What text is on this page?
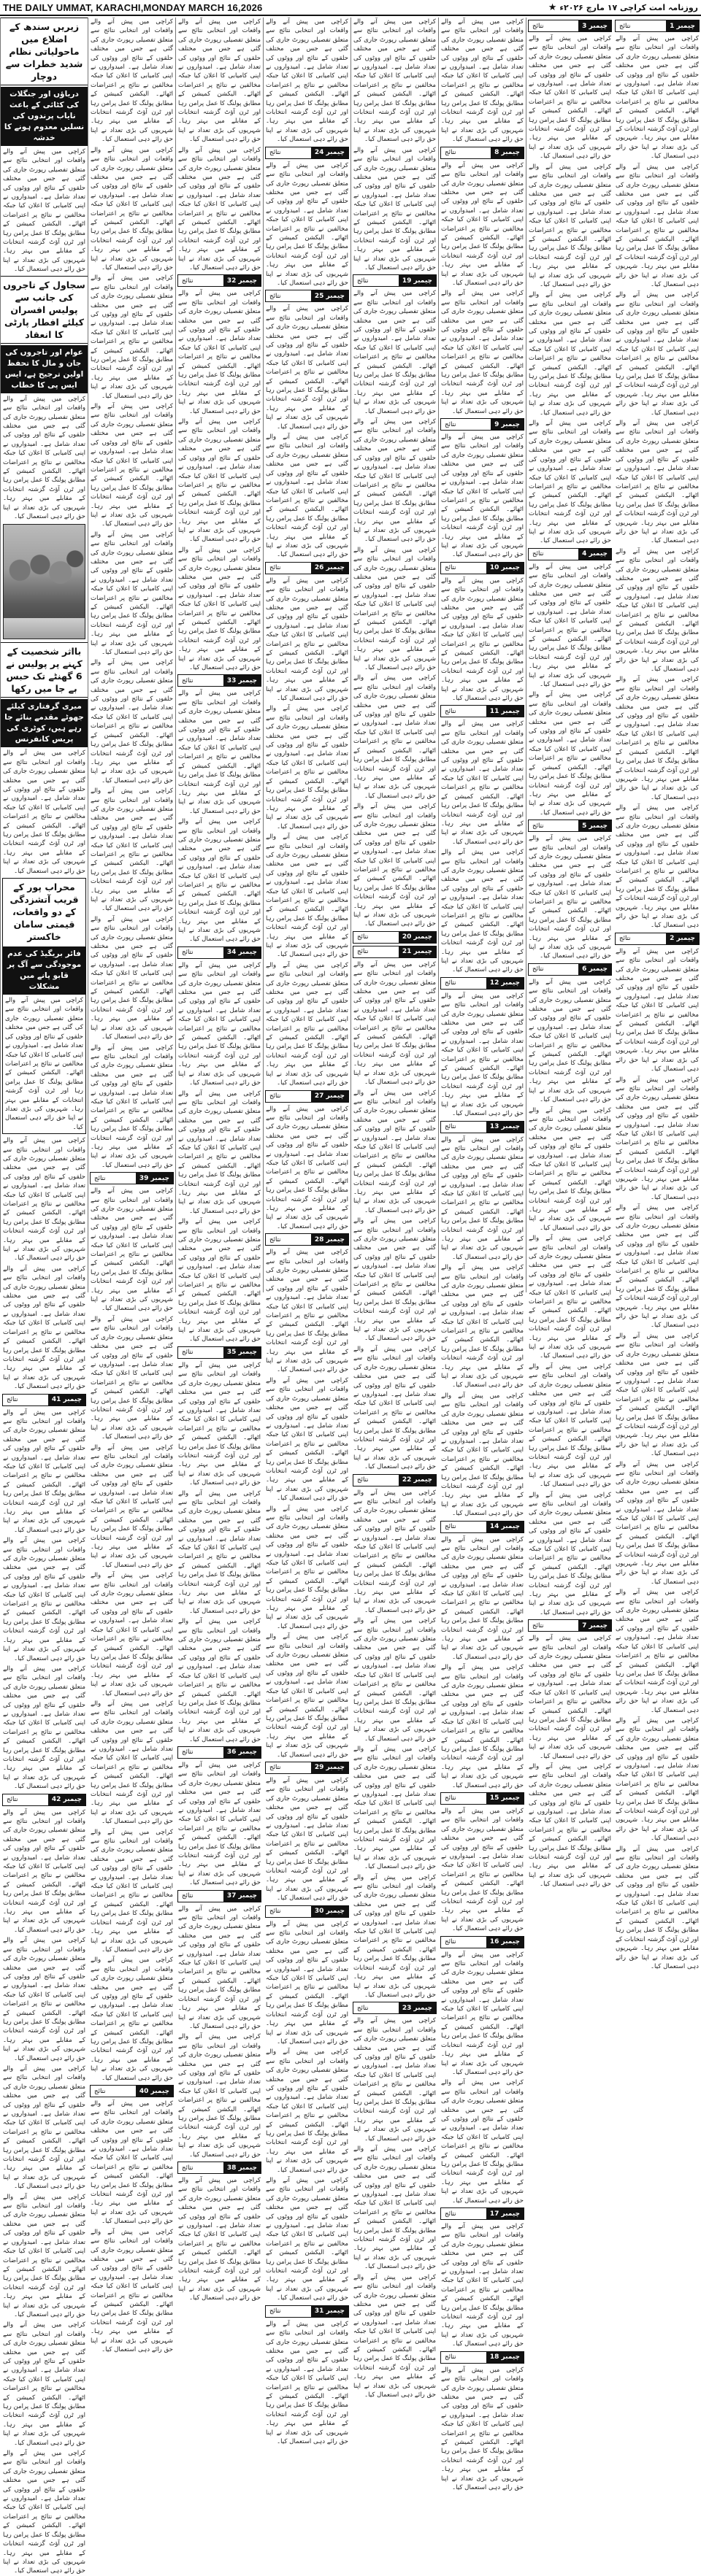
THE DAILY UMMAT, KARACHI,MONDAY MARCH 16,2026	روزنامہ امت کراچی ۱۷ مارچ ۲۰۲۶ء
★
چیمبر 1
نتائج

کراچی میں پیش آنے والے واقعات اور انتخابی نتائج سے متعلق تفصیلی رپورٹ جاری کی گئی ہے جس میں مختلف حلقوں کے نتائج اور ووٹوں کی تعداد شامل ہے۔ امیدواروں نے اپنی کامیابی کا اعلان کیا جبکہ مخالفین نے نتائج پر اعتراضات اٹھائے۔ الیکشن کمیشن کے مطابق پولنگ کا عمل پرامن رہا اور ٹرن آؤٹ گزشتہ انتخابات کے مقابلے میں بہتر رہا۔ شہریوں کی بڑی تعداد نے اپنا حق رائے دہی استعمال کیا۔

کراچی میں پیش آنے والے واقعات اور انتخابی نتائج سے متعلق تفصیلی رپورٹ جاری کی گئی ہے جس میں مختلف حلقوں کے نتائج اور ووٹوں کی تعداد شامل ہے۔ امیدواروں نے اپنی کامیابی کا اعلان کیا جبکہ مخالفین نے نتائج پر اعتراضات اٹھائے۔ الیکشن کمیشن کے مطابق پولنگ کا عمل پرامن رہا اور ٹرن آؤٹ گزشتہ انتخابات کے مقابلے میں بہتر رہا۔ شہریوں کی بڑی تعداد نے اپنا حق رائے دہی استعمال کیا۔

کراچی میں پیش آنے والے واقعات اور انتخابی نتائج سے متعلق تفصیلی رپورٹ جاری کی گئی ہے جس میں مختلف حلقوں کے نتائج اور ووٹوں کی تعداد شامل ہے۔ امیدواروں نے اپنی کامیابی کا اعلان کیا جبکہ مخالفین نے نتائج پر اعتراضات اٹھائے۔ الیکشن کمیشن کے مطابق پولنگ کا عمل پرامن رہا اور ٹرن آؤٹ گزشتہ انتخابات کے مقابلے میں بہتر رہا۔ شہریوں کی بڑی تعداد نے اپنا حق رائے دہی استعمال کیا۔

کراچی میں پیش آنے والے واقعات اور انتخابی نتائج سے متعلق تفصیلی رپورٹ جاری کی گئی ہے جس میں مختلف حلقوں کے نتائج اور ووٹوں کی تعداد شامل ہے۔ امیدواروں نے اپنی کامیابی کا اعلان کیا جبکہ مخالفین نے نتائج پر اعتراضات اٹھائے۔ الیکشن کمیشن کے مطابق پولنگ کا عمل پرامن رہا اور ٹرن آؤٹ گزشتہ انتخابات کے مقابلے میں بہتر رہا۔ شہریوں کی بڑی تعداد نے اپنا حق رائے دہی استعمال کیا۔

کراچی میں پیش آنے والے واقعات اور انتخابی نتائج سے متعلق تفصیلی رپورٹ جاری کی گئی ہے جس میں مختلف حلقوں کے نتائج اور ووٹوں کی تعداد شامل ہے۔ امیدواروں نے اپنی کامیابی کا اعلان کیا جبکہ مخالفین نے نتائج پر اعتراضات اٹھائے۔ الیکشن کمیشن کے مطابق پولنگ کا عمل پرامن رہا اور ٹرن آؤٹ گزشتہ انتخابات کے مقابلے میں بہتر رہا۔ شہریوں کی بڑی تعداد نے اپنا حق رائے دہی استعمال کیا۔

کراچی میں پیش آنے والے واقعات اور انتخابی نتائج سے متعلق تفصیلی رپورٹ جاری کی گئی ہے جس میں مختلف حلقوں کے نتائج اور ووٹوں کی تعداد شامل ہے۔ امیدواروں نے اپنی کامیابی کا اعلان کیا جبکہ مخالفین نے نتائج پر اعتراضات اٹھائے۔ الیکشن کمیشن کے مطابق پولنگ کا عمل پرامن رہا اور ٹرن آؤٹ گزشتہ انتخابات کے مقابلے میں بہتر رہا۔ شہریوں کی بڑی تعداد نے اپنا حق رائے دہی استعمال کیا۔

کراچی میں پیش آنے والے واقعات اور انتخابی نتائج سے متعلق تفصیلی رپورٹ جاری کی گئی ہے جس میں مختلف حلقوں کے نتائج اور ووٹوں کی تعداد شامل ہے۔ امیدواروں نے اپنی کامیابی کا اعلان کیا جبکہ مخالفین نے نتائج پر اعتراضات اٹھائے۔ الیکشن کمیشن کے مطابق پولنگ کا عمل پرامن رہا اور ٹرن آؤٹ گزشتہ انتخابات کے مقابلے میں بہتر رہا۔ شہریوں کی بڑی تعداد نے اپنا حق رائے دہی استعمال کیا۔

چیمبر 2
نتائج

کراچی میں پیش آنے والے واقعات اور انتخابی نتائج سے متعلق تفصیلی رپورٹ جاری کی گئی ہے جس میں مختلف حلقوں کے نتائج اور ووٹوں کی تعداد شامل ہے۔ امیدواروں نے اپنی کامیابی کا اعلان کیا جبکہ مخالفین نے نتائج پر اعتراضات اٹھائے۔ الیکشن کمیشن کے مطابق پولنگ کا عمل پرامن رہا اور ٹرن آؤٹ گزشتہ انتخابات کے مقابلے میں بہتر رہا۔ شہریوں کی بڑی تعداد نے اپنا حق رائے دہی استعمال کیا۔

کراچی میں پیش آنے والے واقعات اور انتخابی نتائج سے متعلق تفصیلی رپورٹ جاری کی گئی ہے جس میں مختلف حلقوں کے نتائج اور ووٹوں کی تعداد شامل ہے۔ امیدواروں نے اپنی کامیابی کا اعلان کیا جبکہ مخالفین نے نتائج پر اعتراضات اٹھائے۔ الیکشن کمیشن کے مطابق پولنگ کا عمل پرامن رہا اور ٹرن آؤٹ گزشتہ انتخابات کے مقابلے میں بہتر رہا۔ شہریوں کی بڑی تعداد نے اپنا حق رائے دہی استعمال کیا۔

کراچی میں پیش آنے والے واقعات اور انتخابی نتائج سے متعلق تفصیلی رپورٹ جاری کی گئی ہے جس میں مختلف حلقوں کے نتائج اور ووٹوں کی تعداد شامل ہے۔ امیدواروں نے اپنی کامیابی کا اعلان کیا جبکہ مخالفین نے نتائج پر اعتراضات اٹھائے۔ الیکشن کمیشن کے مطابق پولنگ کا عمل پرامن رہا اور ٹرن آؤٹ گزشتہ انتخابات کے مقابلے میں بہتر رہا۔ شہریوں کی بڑی تعداد نے اپنا حق رائے دہی استعمال کیا۔

کراچی میں پیش آنے والے واقعات اور انتخابی نتائج سے متعلق تفصیلی رپورٹ جاری کی گئی ہے جس میں مختلف حلقوں کے نتائج اور ووٹوں کی تعداد شامل ہے۔ امیدواروں نے اپنی کامیابی کا اعلان کیا جبکہ مخالفین نے نتائج پر اعتراضات اٹھائے۔ الیکشن کمیشن کے مطابق پولنگ کا عمل پرامن رہا اور ٹرن آؤٹ گزشتہ انتخابات کے مقابلے میں بہتر رہا۔ شہریوں کی بڑی تعداد نے اپنا حق رائے دہی استعمال کیا۔

کراچی میں پیش آنے والے واقعات اور انتخابی نتائج سے متعلق تفصیلی رپورٹ جاری کی گئی ہے جس میں مختلف حلقوں کے نتائج اور ووٹوں کی تعداد شامل ہے۔ امیدواروں نے اپنی کامیابی کا اعلان کیا جبکہ مخالفین نے نتائج پر اعتراضات اٹھائے۔ الیکشن کمیشن کے مطابق پولنگ کا عمل پرامن رہا اور ٹرن آؤٹ گزشتہ انتخابات کے مقابلے میں بہتر رہا۔ شہریوں کی بڑی تعداد نے اپنا حق رائے دہی استعمال کیا۔

کراچی میں پیش آنے والے واقعات اور انتخابی نتائج سے متعلق تفصیلی رپورٹ جاری کی گئی ہے جس میں مختلف حلقوں کے نتائج اور ووٹوں کی تعداد شامل ہے۔ امیدواروں نے اپنی کامیابی کا اعلان کیا جبکہ مخالفین نے نتائج پر اعتراضات اٹھائے۔ الیکشن کمیشن کے مطابق پولنگ کا عمل پرامن رہا اور ٹرن آؤٹ گزشتہ انتخابات کے مقابلے میں بہتر رہا۔ شہریوں کی بڑی تعداد نے اپنا حق رائے دہی استعمال کیا۔

کراچی میں پیش آنے والے واقعات اور انتخابی نتائج سے متعلق تفصیلی رپورٹ جاری کی گئی ہے جس میں مختلف حلقوں کے نتائج اور ووٹوں کی تعداد شامل ہے۔ امیدواروں نے اپنی کامیابی کا اعلان کیا جبکہ مخالفین نے نتائج پر اعتراضات اٹھائے۔ الیکشن کمیشن کے مطابق پولنگ کا عمل پرامن رہا اور ٹرن آؤٹ گزشتہ انتخابات کے مقابلے میں بہتر رہا۔ شہریوں کی بڑی تعداد نے اپنا حق رائے دہی استعمال کیا۔

کراچی میں پیش آنے والے واقعات اور انتخابی نتائج سے متعلق تفصیلی رپورٹ جاری کی گئی ہے جس میں مختلف حلقوں کے نتائج اور ووٹوں کی تعداد شامل ہے۔ امیدواروں نے اپنی کامیابی کا اعلان کیا جبکہ مخالفین نے نتائج پر اعتراضات اٹھائے۔ الیکشن کمیشن کے مطابق پولنگ کا عمل پرامن رہا اور ٹرن آؤٹ گزشتہ انتخابات کے مقابلے میں بہتر رہا۔ شہریوں کی بڑی تعداد نے اپنا حق رائے دہی استعمال کیا۔

چیمبر 3
نتائج

کراچی میں پیش آنے والے واقعات اور انتخابی نتائج سے متعلق تفصیلی رپورٹ جاری کی گئی ہے جس میں مختلف حلقوں کے نتائج اور ووٹوں کی تعداد شامل ہے۔ امیدواروں نے اپنی کامیابی کا اعلان کیا جبکہ مخالفین نے نتائج پر اعتراضات اٹھائے۔ الیکشن کمیشن کے مطابق پولنگ کا عمل پرامن رہا اور ٹرن آؤٹ گزشتہ انتخابات کے مقابلے میں بہتر رہا۔ شہریوں کی بڑی تعداد نے اپنا حق رائے دہی استعمال کیا۔

کراچی میں پیش آنے والے واقعات اور انتخابی نتائج سے متعلق تفصیلی رپورٹ جاری کی گئی ہے جس میں مختلف حلقوں کے نتائج اور ووٹوں کی تعداد شامل ہے۔ امیدواروں نے اپنی کامیابی کا اعلان کیا جبکہ مخالفین نے نتائج پر اعتراضات اٹھائے۔ الیکشن کمیشن کے مطابق پولنگ کا عمل پرامن رہا اور ٹرن آؤٹ گزشتہ انتخابات کے مقابلے میں بہتر رہا۔ شہریوں کی بڑی تعداد نے اپنا حق رائے دہی استعمال کیا۔

کراچی میں پیش آنے والے واقعات اور انتخابی نتائج سے متعلق تفصیلی رپورٹ جاری کی گئی ہے جس میں مختلف حلقوں کے نتائج اور ووٹوں کی تعداد شامل ہے۔ امیدواروں نے اپنی کامیابی کا اعلان کیا جبکہ مخالفین نے نتائج پر اعتراضات اٹھائے۔ الیکشن کمیشن کے مطابق پولنگ کا عمل پرامن رہا اور ٹرن آؤٹ گزشتہ انتخابات کے مقابلے میں بہتر رہا۔ شہریوں کی بڑی تعداد نے اپنا حق رائے دہی استعمال کیا۔

کراچی میں پیش آنے والے واقعات اور انتخابی نتائج سے متعلق تفصیلی رپورٹ جاری کی گئی ہے جس میں مختلف حلقوں کے نتائج اور ووٹوں کی تعداد شامل ہے۔ امیدواروں نے اپنی کامیابی کا اعلان کیا جبکہ مخالفین نے نتائج پر اعتراضات اٹھائے۔ الیکشن کمیشن کے مطابق پولنگ کا عمل پرامن رہا اور ٹرن آؤٹ گزشتہ انتخابات کے مقابلے میں بہتر رہا۔ شہریوں کی بڑی تعداد نے اپنا حق رائے دہی استعمال کیا۔

چیمبر 4
نتائج

کراچی میں پیش آنے والے واقعات اور انتخابی نتائج سے متعلق تفصیلی رپورٹ جاری کی گئی ہے جس میں مختلف حلقوں کے نتائج اور ووٹوں کی تعداد شامل ہے۔ امیدواروں نے اپنی کامیابی کا اعلان کیا جبکہ مخالفین نے نتائج پر اعتراضات اٹھائے۔ الیکشن کمیشن کے مطابق پولنگ کا عمل پرامن رہا اور ٹرن آؤٹ گزشتہ انتخابات کے مقابلے میں بہتر رہا۔ شہریوں کی بڑی تعداد نے اپنا حق رائے دہی استعمال کیا۔

کراچی میں پیش آنے والے واقعات اور انتخابی نتائج سے متعلق تفصیلی رپورٹ جاری کی گئی ہے جس میں مختلف حلقوں کے نتائج اور ووٹوں کی تعداد شامل ہے۔ امیدواروں نے اپنی کامیابی کا اعلان کیا جبکہ مخالفین نے نتائج پر اعتراضات اٹھائے۔ الیکشن کمیشن کے مطابق پولنگ کا عمل پرامن رہا اور ٹرن آؤٹ گزشتہ انتخابات کے مقابلے میں بہتر رہا۔ شہریوں کی بڑی تعداد نے اپنا حق رائے دہی استعمال کیا۔

چیمبر 5
نتائج

کراچی میں پیش آنے والے واقعات اور انتخابی نتائج سے متعلق تفصیلی رپورٹ جاری کی گئی ہے جس میں مختلف حلقوں کے نتائج اور ووٹوں کی تعداد شامل ہے۔ امیدواروں نے اپنی کامیابی کا اعلان کیا جبکہ مخالفین نے نتائج پر اعتراضات اٹھائے۔ الیکشن کمیشن کے مطابق پولنگ کا عمل پرامن رہا اور ٹرن آؤٹ گزشتہ انتخابات کے مقابلے میں بہتر رہا۔ شہریوں کی بڑی تعداد نے اپنا حق رائے دہی استعمال کیا۔

چیمبر 6
نتائج

کراچی میں پیش آنے والے واقعات اور انتخابی نتائج سے متعلق تفصیلی رپورٹ جاری کی گئی ہے جس میں مختلف حلقوں کے نتائج اور ووٹوں کی تعداد شامل ہے۔ امیدواروں نے اپنی کامیابی کا اعلان کیا جبکہ مخالفین نے نتائج پر اعتراضات اٹھائے۔ الیکشن کمیشن کے مطابق پولنگ کا عمل پرامن رہا اور ٹرن آؤٹ گزشتہ انتخابات کے مقابلے میں بہتر رہا۔ شہریوں کی بڑی تعداد نے اپنا حق رائے دہی استعمال کیا۔

کراچی میں پیش آنے والے واقعات اور انتخابی نتائج سے متعلق تفصیلی رپورٹ جاری کی گئی ہے جس میں مختلف حلقوں کے نتائج اور ووٹوں کی تعداد شامل ہے۔ امیدواروں نے اپنی کامیابی کا اعلان کیا جبکہ مخالفین نے نتائج پر اعتراضات اٹھائے۔ الیکشن کمیشن کے مطابق پولنگ کا عمل پرامن رہا اور ٹرن آؤٹ گزشتہ انتخابات کے مقابلے میں بہتر رہا۔ شہریوں کی بڑی تعداد نے اپنا حق رائے دہی استعمال کیا۔

کراچی میں پیش آنے والے واقعات اور انتخابی نتائج سے متعلق تفصیلی رپورٹ جاری کی گئی ہے جس میں مختلف حلقوں کے نتائج اور ووٹوں کی تعداد شامل ہے۔ امیدواروں نے اپنی کامیابی کا اعلان کیا جبکہ مخالفین نے نتائج پر اعتراضات اٹھائے۔ الیکشن کمیشن کے مطابق پولنگ کا عمل پرامن رہا اور ٹرن آؤٹ گزشتہ انتخابات کے مقابلے میں بہتر رہا۔ شہریوں کی بڑی تعداد نے اپنا حق رائے دہی استعمال کیا۔

کراچی میں پیش آنے والے واقعات اور انتخابی نتائج سے متعلق تفصیلی رپورٹ جاری کی گئی ہے جس میں مختلف حلقوں کے نتائج اور ووٹوں کی تعداد شامل ہے۔ امیدواروں نے اپنی کامیابی کا اعلان کیا جبکہ مخالفین نے نتائج پر اعتراضات اٹھائے۔ الیکشن کمیشن کے مطابق پولنگ کا عمل پرامن رہا اور ٹرن آؤٹ گزشتہ انتخابات کے مقابلے میں بہتر رہا۔ شہریوں کی بڑی تعداد نے اپنا حق رائے دہی استعمال کیا۔

کراچی میں پیش آنے والے واقعات اور انتخابی نتائج سے متعلق تفصیلی رپورٹ جاری کی گئی ہے جس میں مختلف حلقوں کے نتائج اور ووٹوں کی تعداد شامل ہے۔ امیدواروں نے اپنی کامیابی کا اعلان کیا جبکہ مخالفین نے نتائج پر اعتراضات اٹھائے۔ الیکشن کمیشن کے مطابق پولنگ کا عمل پرامن رہا اور ٹرن آؤٹ گزشتہ انتخابات کے مقابلے میں بہتر رہا۔ شہریوں کی بڑی تعداد نے اپنا حق رائے دہی استعمال کیا۔

چیمبر 7
نتائج

کراچی میں پیش آنے والے واقعات اور انتخابی نتائج سے متعلق تفصیلی رپورٹ جاری کی گئی ہے جس میں مختلف حلقوں کے نتائج اور ووٹوں کی تعداد شامل ہے۔ امیدواروں نے اپنی کامیابی کا اعلان کیا جبکہ مخالفین نے نتائج پر اعتراضات اٹھائے۔ الیکشن کمیشن کے مطابق پولنگ کا عمل پرامن رہا اور ٹرن آؤٹ گزشتہ انتخابات کے مقابلے میں بہتر رہا۔ شہریوں کی بڑی تعداد نے اپنا حق رائے دہی استعمال کیا۔

کراچی میں پیش آنے والے واقعات اور انتخابی نتائج سے متعلق تفصیلی رپورٹ جاری کی گئی ہے جس میں مختلف حلقوں کے نتائج اور ووٹوں کی تعداد شامل ہے۔ امیدواروں نے اپنی کامیابی کا اعلان کیا جبکہ مخالفین نے نتائج پر اعتراضات اٹھائے۔ الیکشن کمیشن کے مطابق پولنگ کا عمل پرامن رہا اور ٹرن آؤٹ گزشتہ انتخابات کے مقابلے میں بہتر رہا۔ شہریوں کی بڑی تعداد نے اپنا حق رائے دہی استعمال کیا۔

کراچی میں پیش آنے والے واقعات اور انتخابی نتائج سے متعلق تفصیلی رپورٹ جاری کی گئی ہے جس میں مختلف حلقوں کے نتائج اور ووٹوں کی تعداد شامل ہے۔ امیدواروں نے اپنی کامیابی کا اعلان کیا جبکہ مخالفین نے نتائج پر اعتراضات اٹھائے۔ الیکشن کمیشن کے مطابق پولنگ کا عمل پرامن رہا اور ٹرن آؤٹ گزشتہ انتخابات کے مقابلے میں بہتر رہا۔ شہریوں کی بڑی تعداد نے اپنا حق رائے دہی استعمال کیا۔

چیمبر 8
نتائج

کراچی میں پیش آنے والے واقعات اور انتخابی نتائج سے متعلق تفصیلی رپورٹ جاری کی گئی ہے جس میں مختلف حلقوں کے نتائج اور ووٹوں کی تعداد شامل ہے۔ امیدواروں نے اپنی کامیابی کا اعلان کیا جبکہ مخالفین نے نتائج پر اعتراضات اٹھائے۔ الیکشن کمیشن کے مطابق پولنگ کا عمل پرامن رہا اور ٹرن آؤٹ گزشتہ انتخابات کے مقابلے میں بہتر رہا۔ شہریوں کی بڑی تعداد نے اپنا حق رائے دہی استعمال کیا۔

کراچی میں پیش آنے والے واقعات اور انتخابی نتائج سے متعلق تفصیلی رپورٹ جاری کی گئی ہے جس میں مختلف حلقوں کے نتائج اور ووٹوں کی تعداد شامل ہے۔ امیدواروں نے اپنی کامیابی کا اعلان کیا جبکہ مخالفین نے نتائج پر اعتراضات اٹھائے۔ الیکشن کمیشن کے مطابق پولنگ کا عمل پرامن رہا اور ٹرن آؤٹ گزشتہ انتخابات کے مقابلے میں بہتر رہا۔ شہریوں کی بڑی تعداد نے اپنا حق رائے دہی استعمال کیا۔

چیمبر 9
نتائج

کراچی میں پیش آنے والے واقعات اور انتخابی نتائج سے متعلق تفصیلی رپورٹ جاری کی گئی ہے جس میں مختلف حلقوں کے نتائج اور ووٹوں کی تعداد شامل ہے۔ امیدواروں نے اپنی کامیابی کا اعلان کیا جبکہ مخالفین نے نتائج پر اعتراضات اٹھائے۔ الیکشن کمیشن کے مطابق پولنگ کا عمل پرامن رہا اور ٹرن آؤٹ گزشتہ انتخابات کے مقابلے میں بہتر رہا۔ شہریوں کی بڑی تعداد نے اپنا حق رائے دہی استعمال کیا۔

چیمبر 10
نتائج

کراچی میں پیش آنے والے واقعات اور انتخابی نتائج سے متعلق تفصیلی رپورٹ جاری کی گئی ہے جس میں مختلف حلقوں کے نتائج اور ووٹوں کی تعداد شامل ہے۔ امیدواروں نے اپنی کامیابی کا اعلان کیا جبکہ مخالفین نے نتائج پر اعتراضات اٹھائے۔ الیکشن کمیشن کے مطابق پولنگ کا عمل پرامن رہا اور ٹرن آؤٹ گزشتہ انتخابات کے مقابلے میں بہتر رہا۔ شہریوں کی بڑی تعداد نے اپنا حق رائے دہی استعمال کیا۔

چیمبر 11
نتائج

کراچی میں پیش آنے والے واقعات اور انتخابی نتائج سے متعلق تفصیلی رپورٹ جاری کی گئی ہے جس میں مختلف حلقوں کے نتائج اور ووٹوں کی تعداد شامل ہے۔ امیدواروں نے اپنی کامیابی کا اعلان کیا جبکہ مخالفین نے نتائج پر اعتراضات اٹھائے۔ الیکشن کمیشن کے مطابق پولنگ کا عمل پرامن رہا اور ٹرن آؤٹ گزشتہ انتخابات کے مقابلے میں بہتر رہا۔ شہریوں کی بڑی تعداد نے اپنا حق رائے دہی استعمال کیا۔

کراچی میں پیش آنے والے واقعات اور انتخابی نتائج سے متعلق تفصیلی رپورٹ جاری کی گئی ہے جس میں مختلف حلقوں کے نتائج اور ووٹوں کی تعداد شامل ہے۔ امیدواروں نے اپنی کامیابی کا اعلان کیا جبکہ مخالفین نے نتائج پر اعتراضات اٹھائے۔ الیکشن کمیشن کے مطابق پولنگ کا عمل پرامن رہا اور ٹرن آؤٹ گزشتہ انتخابات کے مقابلے میں بہتر رہا۔ شہریوں کی بڑی تعداد نے اپنا حق رائے دہی استعمال کیا۔

چیمبر 12
نتائج

کراچی میں پیش آنے والے واقعات اور انتخابی نتائج سے متعلق تفصیلی رپورٹ جاری کی گئی ہے جس میں مختلف حلقوں کے نتائج اور ووٹوں کی تعداد شامل ہے۔ امیدواروں نے اپنی کامیابی کا اعلان کیا جبکہ مخالفین نے نتائج پر اعتراضات اٹھائے۔ الیکشن کمیشن کے مطابق پولنگ کا عمل پرامن رہا اور ٹرن آؤٹ گزشتہ انتخابات کے مقابلے میں بہتر رہا۔ شہریوں کی بڑی تعداد نے اپنا حق رائے دہی استعمال کیا۔

چیمبر 13
نتائج

کراچی میں پیش آنے والے واقعات اور انتخابی نتائج سے متعلق تفصیلی رپورٹ جاری کی گئی ہے جس میں مختلف حلقوں کے نتائج اور ووٹوں کی تعداد شامل ہے۔ امیدواروں نے اپنی کامیابی کا اعلان کیا جبکہ مخالفین نے نتائج پر اعتراضات اٹھائے۔ الیکشن کمیشن کے مطابق پولنگ کا عمل پرامن رہا اور ٹرن آؤٹ گزشتہ انتخابات کے مقابلے میں بہتر رہا۔ شہریوں کی بڑی تعداد نے اپنا حق رائے دہی استعمال کیا۔

کراچی میں پیش آنے والے واقعات اور انتخابی نتائج سے متعلق تفصیلی رپورٹ جاری کی گئی ہے جس میں مختلف حلقوں کے نتائج اور ووٹوں کی تعداد شامل ہے۔ امیدواروں نے اپنی کامیابی کا اعلان کیا جبکہ مخالفین نے نتائج پر اعتراضات اٹھائے۔ الیکشن کمیشن کے مطابق پولنگ کا عمل پرامن رہا اور ٹرن آؤٹ گزشتہ انتخابات کے مقابلے میں بہتر رہا۔ شہریوں کی بڑی تعداد نے اپنا حق رائے دہی استعمال کیا۔

کراچی میں پیش آنے والے واقعات اور انتخابی نتائج سے متعلق تفصیلی رپورٹ جاری کی گئی ہے جس میں مختلف حلقوں کے نتائج اور ووٹوں کی تعداد شامل ہے۔ امیدواروں نے اپنی کامیابی کا اعلان کیا جبکہ مخالفین نے نتائج پر اعتراضات اٹھائے۔ الیکشن کمیشن کے مطابق پولنگ کا عمل پرامن رہا اور ٹرن آؤٹ گزشتہ انتخابات کے مقابلے میں بہتر رہا۔ شہریوں کی بڑی تعداد نے اپنا حق رائے دہی استعمال کیا۔

چیمبر 14
نتائج

کراچی میں پیش آنے والے واقعات اور انتخابی نتائج سے متعلق تفصیلی رپورٹ جاری کی گئی ہے جس میں مختلف حلقوں کے نتائج اور ووٹوں کی تعداد شامل ہے۔ امیدواروں نے اپنی کامیابی کا اعلان کیا جبکہ مخالفین نے نتائج پر اعتراضات اٹھائے۔ الیکشن کمیشن کے مطابق پولنگ کا عمل پرامن رہا اور ٹرن آؤٹ گزشتہ انتخابات کے مقابلے میں بہتر رہا۔ شہریوں کی بڑی تعداد نے اپنا حق رائے دہی استعمال کیا۔

کراچی میں پیش آنے والے واقعات اور انتخابی نتائج سے متعلق تفصیلی رپورٹ جاری کی گئی ہے جس میں مختلف حلقوں کے نتائج اور ووٹوں کی تعداد شامل ہے۔ امیدواروں نے اپنی کامیابی کا اعلان کیا جبکہ مخالفین نے نتائج پر اعتراضات اٹھائے۔ الیکشن کمیشن کے مطابق پولنگ کا عمل پرامن رہا اور ٹرن آؤٹ گزشتہ انتخابات کے مقابلے میں بہتر رہا۔ شہریوں کی بڑی تعداد نے اپنا حق رائے دہی استعمال کیا۔

چیمبر 15
نتائج

کراچی میں پیش آنے والے واقعات اور انتخابی نتائج سے متعلق تفصیلی رپورٹ جاری کی گئی ہے جس میں مختلف حلقوں کے نتائج اور ووٹوں کی تعداد شامل ہے۔ امیدواروں نے اپنی کامیابی کا اعلان کیا جبکہ مخالفین نے نتائج پر اعتراضات اٹھائے۔ الیکشن کمیشن کے مطابق پولنگ کا عمل پرامن رہا اور ٹرن آؤٹ گزشتہ انتخابات کے مقابلے میں بہتر رہا۔ شہریوں کی بڑی تعداد نے اپنا حق رائے دہی استعمال کیا۔

چیمبر 16
نتائج

کراچی میں پیش آنے والے واقعات اور انتخابی نتائج سے متعلق تفصیلی رپورٹ جاری کی گئی ہے جس میں مختلف حلقوں کے نتائج اور ووٹوں کی تعداد شامل ہے۔ امیدواروں نے اپنی کامیابی کا اعلان کیا جبکہ مخالفین نے نتائج پر اعتراضات اٹھائے۔ الیکشن کمیشن کے مطابق پولنگ کا عمل پرامن رہا اور ٹرن آؤٹ گزشتہ انتخابات کے مقابلے میں بہتر رہا۔ شہریوں کی بڑی تعداد نے اپنا حق رائے دہی استعمال کیا۔

کراچی میں پیش آنے والے واقعات اور انتخابی نتائج سے متعلق تفصیلی رپورٹ جاری کی گئی ہے جس میں مختلف حلقوں کے نتائج اور ووٹوں کی تعداد شامل ہے۔ امیدواروں نے اپنی کامیابی کا اعلان کیا جبکہ مخالفین نے نتائج پر اعتراضات اٹھائے۔ الیکشن کمیشن کے مطابق پولنگ کا عمل پرامن رہا اور ٹرن آؤٹ گزشتہ انتخابات کے مقابلے میں بہتر رہا۔ شہریوں کی بڑی تعداد نے اپنا حق رائے دہی استعمال کیا۔

چیمبر 17
نتائج

کراچی میں پیش آنے والے واقعات اور انتخابی نتائج سے متعلق تفصیلی رپورٹ جاری کی گئی ہے جس میں مختلف حلقوں کے نتائج اور ووٹوں کی تعداد شامل ہے۔ امیدواروں نے اپنی کامیابی کا اعلان کیا جبکہ مخالفین نے نتائج پر اعتراضات اٹھائے۔ الیکشن کمیشن کے مطابق پولنگ کا عمل پرامن رہا اور ٹرن آؤٹ گزشتہ انتخابات کے مقابلے میں بہتر رہا۔ شہریوں کی بڑی تعداد نے اپنا حق رائے دہی استعمال کیا۔

چیمبر 18
نتائج

کراچی میں پیش آنے والے واقعات اور انتخابی نتائج سے متعلق تفصیلی رپورٹ جاری کی گئی ہے جس میں مختلف حلقوں کے نتائج اور ووٹوں کی تعداد شامل ہے۔ امیدواروں نے اپنی کامیابی کا اعلان کیا جبکہ مخالفین نے نتائج پر اعتراضات اٹھائے۔ الیکشن کمیشن کے مطابق پولنگ کا عمل پرامن رہا اور ٹرن آؤٹ گزشتہ انتخابات کے مقابلے میں بہتر رہا۔ شہریوں کی بڑی تعداد نے اپنا حق رائے دہی استعمال کیا۔

کراچی میں پیش آنے والے واقعات اور انتخابی نتائج سے متعلق تفصیلی رپورٹ جاری کی گئی ہے جس میں مختلف حلقوں کے نتائج اور ووٹوں کی تعداد شامل ہے۔ امیدواروں نے اپنی کامیابی کا اعلان کیا جبکہ مخالفین نے نتائج پر اعتراضات اٹھائے۔ الیکشن کمیشن کے مطابق پولنگ کا عمل پرامن رہا اور ٹرن آؤٹ گزشتہ انتخابات کے مقابلے میں بہتر رہا۔ شہریوں کی بڑی تعداد نے اپنا حق رائے دہی استعمال کیا۔

کراچی میں پیش آنے والے واقعات اور انتخابی نتائج سے متعلق تفصیلی رپورٹ جاری کی گئی ہے جس میں مختلف حلقوں کے نتائج اور ووٹوں کی تعداد شامل ہے۔ امیدواروں نے اپنی کامیابی کا اعلان کیا جبکہ مخالفین نے نتائج پر اعتراضات اٹھائے۔ الیکشن کمیشن کے مطابق پولنگ کا عمل پرامن رہا اور ٹرن آؤٹ گزشتہ انتخابات کے مقابلے میں بہتر رہا۔ شہریوں کی بڑی تعداد نے اپنا حق رائے دہی استعمال کیا۔

چیمبر 19
نتائج

کراچی میں پیش آنے والے واقعات اور انتخابی نتائج سے متعلق تفصیلی رپورٹ جاری کی گئی ہے جس میں مختلف حلقوں کے نتائج اور ووٹوں کی تعداد شامل ہے۔ امیدواروں نے اپنی کامیابی کا اعلان کیا جبکہ مخالفین نے نتائج پر اعتراضات اٹھائے۔ الیکشن کمیشن کے مطابق پولنگ کا عمل پرامن رہا اور ٹرن آؤٹ گزشتہ انتخابات کے مقابلے میں بہتر رہا۔ شہریوں کی بڑی تعداد نے اپنا حق رائے دہی استعمال کیا۔

کراچی میں پیش آنے والے واقعات اور انتخابی نتائج سے متعلق تفصیلی رپورٹ جاری کی گئی ہے جس میں مختلف حلقوں کے نتائج اور ووٹوں کی تعداد شامل ہے۔ امیدواروں نے اپنی کامیابی کا اعلان کیا جبکہ مخالفین نے نتائج پر اعتراضات اٹھائے۔ الیکشن کمیشن کے مطابق پولنگ کا عمل پرامن رہا اور ٹرن آؤٹ گزشتہ انتخابات کے مقابلے میں بہتر رہا۔ شہریوں کی بڑی تعداد نے اپنا حق رائے دہی استعمال کیا۔

کراچی میں پیش آنے والے واقعات اور انتخابی نتائج سے متعلق تفصیلی رپورٹ جاری کی گئی ہے جس میں مختلف حلقوں کے نتائج اور ووٹوں کی تعداد شامل ہے۔ امیدواروں نے اپنی کامیابی کا اعلان کیا جبکہ مخالفین نے نتائج پر اعتراضات اٹھائے۔ الیکشن کمیشن کے مطابق پولنگ کا عمل پرامن رہا اور ٹرن آؤٹ گزشتہ انتخابات کے مقابلے میں بہتر رہا۔ شہریوں کی بڑی تعداد نے اپنا حق رائے دہی استعمال کیا۔

کراچی میں پیش آنے والے واقعات اور انتخابی نتائج سے متعلق تفصیلی رپورٹ جاری کی گئی ہے جس میں مختلف حلقوں کے نتائج اور ووٹوں کی تعداد شامل ہے۔ امیدواروں نے اپنی کامیابی کا اعلان کیا جبکہ مخالفین نے نتائج پر اعتراضات اٹھائے۔ الیکشن کمیشن کے مطابق پولنگ کا عمل پرامن رہا اور ٹرن آؤٹ گزشتہ انتخابات کے مقابلے میں بہتر رہا۔ شہریوں کی بڑی تعداد نے اپنا حق رائے دہی استعمال کیا۔

کراچی میں پیش آنے والے واقعات اور انتخابی نتائج سے متعلق تفصیلی رپورٹ جاری کی گئی ہے جس میں مختلف حلقوں کے نتائج اور ووٹوں کی تعداد شامل ہے۔ امیدواروں نے اپنی کامیابی کا اعلان کیا جبکہ مخالفین نے نتائج پر اعتراضات اٹھائے۔ الیکشن کمیشن کے مطابق پولنگ کا عمل پرامن رہا اور ٹرن آؤٹ گزشتہ انتخابات کے مقابلے میں بہتر رہا۔ شہریوں کی بڑی تعداد نے اپنا حق رائے دہی استعمال کیا۔

چیمبر 20
نتائج
چیمبر 21
نتائج

کراچی میں پیش آنے والے واقعات اور انتخابی نتائج سے متعلق تفصیلی رپورٹ جاری کی گئی ہے جس میں مختلف حلقوں کے نتائج اور ووٹوں کی تعداد شامل ہے۔ امیدواروں نے اپنی کامیابی کا اعلان کیا جبکہ مخالفین نے نتائج پر اعتراضات اٹھائے۔ الیکشن کمیشن کے مطابق پولنگ کا عمل پرامن رہا اور ٹرن آؤٹ گزشتہ انتخابات کے مقابلے میں بہتر رہا۔ شہریوں کی بڑی تعداد نے اپنا حق رائے دہی استعمال کیا۔

کراچی میں پیش آنے والے واقعات اور انتخابی نتائج سے متعلق تفصیلی رپورٹ جاری کی گئی ہے جس میں مختلف حلقوں کے نتائج اور ووٹوں کی تعداد شامل ہے۔ امیدواروں نے اپنی کامیابی کا اعلان کیا جبکہ مخالفین نے نتائج پر اعتراضات اٹھائے۔ الیکشن کمیشن کے مطابق پولنگ کا عمل پرامن رہا اور ٹرن آؤٹ گزشتہ انتخابات کے مقابلے میں بہتر رہا۔ شہریوں کی بڑی تعداد نے اپنا حق رائے دہی استعمال کیا۔

کراچی میں پیش آنے والے واقعات اور انتخابی نتائج سے متعلق تفصیلی رپورٹ جاری کی گئی ہے جس میں مختلف حلقوں کے نتائج اور ووٹوں کی تعداد شامل ہے۔ امیدواروں نے اپنی کامیابی کا اعلان کیا جبکہ مخالفین نے نتائج پر اعتراضات اٹھائے۔ الیکشن کمیشن کے مطابق پولنگ کا عمل پرامن رہا اور ٹرن آؤٹ گزشتہ انتخابات کے مقابلے میں بہتر رہا۔ شہریوں کی بڑی تعداد نے اپنا حق رائے دہی استعمال کیا۔

کراچی میں پیش آنے والے واقعات اور انتخابی نتائج سے متعلق تفصیلی رپورٹ جاری کی گئی ہے جس میں مختلف حلقوں کے نتائج اور ووٹوں کی تعداد شامل ہے۔ امیدواروں نے اپنی کامیابی کا اعلان کیا جبکہ مخالفین نے نتائج پر اعتراضات اٹھائے۔ الیکشن کمیشن کے مطابق پولنگ کا عمل پرامن رہا اور ٹرن آؤٹ گزشتہ انتخابات کے مقابلے میں بہتر رہا۔ شہریوں کی بڑی تعداد نے اپنا حق رائے دہی استعمال کیا۔

چیمبر 22
نتائج

کراچی میں پیش آنے والے واقعات اور انتخابی نتائج سے متعلق تفصیلی رپورٹ جاری کی گئی ہے جس میں مختلف حلقوں کے نتائج اور ووٹوں کی تعداد شامل ہے۔ امیدواروں نے اپنی کامیابی کا اعلان کیا جبکہ مخالفین نے نتائج پر اعتراضات اٹھائے۔ الیکشن کمیشن کے مطابق پولنگ کا عمل پرامن رہا اور ٹرن آؤٹ گزشتہ انتخابات کے مقابلے میں بہتر رہا۔ شہریوں کی بڑی تعداد نے اپنا حق رائے دہی استعمال کیا۔

کراچی میں پیش آنے والے واقعات اور انتخابی نتائج سے متعلق تفصیلی رپورٹ جاری کی گئی ہے جس میں مختلف حلقوں کے نتائج اور ووٹوں کی تعداد شامل ہے۔ امیدواروں نے اپنی کامیابی کا اعلان کیا جبکہ مخالفین نے نتائج پر اعتراضات اٹھائے۔ الیکشن کمیشن کے مطابق پولنگ کا عمل پرامن رہا اور ٹرن آؤٹ گزشتہ انتخابات کے مقابلے میں بہتر رہا۔ شہریوں کی بڑی تعداد نے اپنا حق رائے دہی استعمال کیا۔

کراچی میں پیش آنے والے واقعات اور انتخابی نتائج سے متعلق تفصیلی رپورٹ جاری کی گئی ہے جس میں مختلف حلقوں کے نتائج اور ووٹوں کی تعداد شامل ہے۔ امیدواروں نے اپنی کامیابی کا اعلان کیا جبکہ مخالفین نے نتائج پر اعتراضات اٹھائے۔ الیکشن کمیشن کے مطابق پولنگ کا عمل پرامن رہا اور ٹرن آؤٹ گزشتہ انتخابات کے مقابلے میں بہتر رہا۔ شہریوں کی بڑی تعداد نے اپنا حق رائے دہی استعمال کیا۔

کراچی میں پیش آنے والے واقعات اور انتخابی نتائج سے متعلق تفصیلی رپورٹ جاری کی گئی ہے جس میں مختلف حلقوں کے نتائج اور ووٹوں کی تعداد شامل ہے۔ امیدواروں نے اپنی کامیابی کا اعلان کیا جبکہ مخالفین نے نتائج پر اعتراضات اٹھائے۔ الیکشن کمیشن کے مطابق پولنگ کا عمل پرامن رہا اور ٹرن آؤٹ گزشتہ انتخابات کے مقابلے میں بہتر رہا۔ شہریوں کی بڑی تعداد نے اپنا حق رائے دہی استعمال کیا۔

چیمبر 23
نتائج

کراچی میں پیش آنے والے واقعات اور انتخابی نتائج سے متعلق تفصیلی رپورٹ جاری کی گئی ہے جس میں مختلف حلقوں کے نتائج اور ووٹوں کی تعداد شامل ہے۔ امیدواروں نے اپنی کامیابی کا اعلان کیا جبکہ مخالفین نے نتائج پر اعتراضات اٹھائے۔ الیکشن کمیشن کے مطابق پولنگ کا عمل پرامن رہا اور ٹرن آؤٹ گزشتہ انتخابات کے مقابلے میں بہتر رہا۔ شہریوں کی بڑی تعداد نے اپنا حق رائے دہی استعمال کیا۔

کراچی میں پیش آنے والے واقعات اور انتخابی نتائج سے متعلق تفصیلی رپورٹ جاری کی گئی ہے جس میں مختلف حلقوں کے نتائج اور ووٹوں کی تعداد شامل ہے۔ امیدواروں نے اپنی کامیابی کا اعلان کیا جبکہ مخالفین نے نتائج پر اعتراضات اٹھائے۔ الیکشن کمیشن کے مطابق پولنگ کا عمل پرامن رہا اور ٹرن آؤٹ گزشتہ انتخابات کے مقابلے میں بہتر رہا۔ شہریوں کی بڑی تعداد نے اپنا حق رائے دہی استعمال کیا۔

کراچی میں پیش آنے والے واقعات اور انتخابی نتائج سے متعلق تفصیلی رپورٹ جاری کی گئی ہے جس میں مختلف حلقوں کے نتائج اور ووٹوں کی تعداد شامل ہے۔ امیدواروں نے اپنی کامیابی کا اعلان کیا جبکہ مخالفین نے نتائج پر اعتراضات اٹھائے۔ الیکشن کمیشن کے مطابق پولنگ کا عمل پرامن رہا اور ٹرن آؤٹ گزشتہ انتخابات کے مقابلے میں بہتر رہا۔ شہریوں کی بڑی تعداد نے اپنا حق رائے دہی استعمال کیا۔

کراچی میں پیش آنے والے واقعات اور انتخابی نتائج سے متعلق تفصیلی رپورٹ جاری کی گئی ہے جس میں مختلف حلقوں کے نتائج اور ووٹوں کی تعداد شامل ہے۔ امیدواروں نے اپنی کامیابی کا اعلان کیا جبکہ مخالفین نے نتائج پر اعتراضات اٹھائے۔ الیکشن کمیشن کے مطابق پولنگ کا عمل پرامن رہا اور ٹرن آؤٹ گزشتہ انتخابات کے مقابلے میں بہتر رہا۔ شہریوں کی بڑی تعداد نے اپنا حق رائے دہی استعمال کیا۔

چیمبر 24
نتائج

کراچی میں پیش آنے والے واقعات اور انتخابی نتائج سے متعلق تفصیلی رپورٹ جاری کی گئی ہے جس میں مختلف حلقوں کے نتائج اور ووٹوں کی تعداد شامل ہے۔ امیدواروں نے اپنی کامیابی کا اعلان کیا جبکہ مخالفین نے نتائج پر اعتراضات اٹھائے۔ الیکشن کمیشن کے مطابق پولنگ کا عمل پرامن رہا اور ٹرن آؤٹ گزشتہ انتخابات کے مقابلے میں بہتر رہا۔ شہریوں کی بڑی تعداد نے اپنا حق رائے دہی استعمال کیا۔

چیمبر 25
نتائج

کراچی میں پیش آنے والے واقعات اور انتخابی نتائج سے متعلق تفصیلی رپورٹ جاری کی گئی ہے جس میں مختلف حلقوں کے نتائج اور ووٹوں کی تعداد شامل ہے۔ امیدواروں نے اپنی کامیابی کا اعلان کیا جبکہ مخالفین نے نتائج پر اعتراضات اٹھائے۔ الیکشن کمیشن کے مطابق پولنگ کا عمل پرامن رہا اور ٹرن آؤٹ گزشتہ انتخابات کے مقابلے میں بہتر رہا۔ شہریوں کی بڑی تعداد نے اپنا حق رائے دہی استعمال کیا۔

کراچی میں پیش آنے والے واقعات اور انتخابی نتائج سے متعلق تفصیلی رپورٹ جاری کی گئی ہے جس میں مختلف حلقوں کے نتائج اور ووٹوں کی تعداد شامل ہے۔ امیدواروں نے اپنی کامیابی کا اعلان کیا جبکہ مخالفین نے نتائج پر اعتراضات اٹھائے۔ الیکشن کمیشن کے مطابق پولنگ کا عمل پرامن رہا اور ٹرن آؤٹ گزشتہ انتخابات کے مقابلے میں بہتر رہا۔ شہریوں کی بڑی تعداد نے اپنا حق رائے دہی استعمال کیا۔

چیمبر 26
نتائج

کراچی میں پیش آنے والے واقعات اور انتخابی نتائج سے متعلق تفصیلی رپورٹ جاری کی گئی ہے جس میں مختلف حلقوں کے نتائج اور ووٹوں کی تعداد شامل ہے۔ امیدواروں نے اپنی کامیابی کا اعلان کیا جبکہ مخالفین نے نتائج پر اعتراضات اٹھائے۔ الیکشن کمیشن کے مطابق پولنگ کا عمل پرامن رہا اور ٹرن آؤٹ گزشتہ انتخابات کے مقابلے میں بہتر رہا۔ شہریوں کی بڑی تعداد نے اپنا حق رائے دہی استعمال کیا۔

کراچی میں پیش آنے والے واقعات اور انتخابی نتائج سے متعلق تفصیلی رپورٹ جاری کی گئی ہے جس میں مختلف حلقوں کے نتائج اور ووٹوں کی تعداد شامل ہے۔ امیدواروں نے اپنی کامیابی کا اعلان کیا جبکہ مخالفین نے نتائج پر اعتراضات اٹھائے۔ الیکشن کمیشن کے مطابق پولنگ کا عمل پرامن رہا اور ٹرن آؤٹ گزشتہ انتخابات کے مقابلے میں بہتر رہا۔ شہریوں کی بڑی تعداد نے اپنا حق رائے دہی استعمال کیا۔

کراچی میں پیش آنے والے واقعات اور انتخابی نتائج سے متعلق تفصیلی رپورٹ جاری کی گئی ہے جس میں مختلف حلقوں کے نتائج اور ووٹوں کی تعداد شامل ہے۔ امیدواروں نے اپنی کامیابی کا اعلان کیا جبکہ مخالفین نے نتائج پر اعتراضات اٹھائے۔ الیکشن کمیشن کے مطابق پولنگ کا عمل پرامن رہا اور ٹرن آؤٹ گزشتہ انتخابات کے مقابلے میں بہتر رہا۔ شہریوں کی بڑی تعداد نے اپنا حق رائے دہی استعمال کیا۔

کراچی میں پیش آنے والے واقعات اور انتخابی نتائج سے متعلق تفصیلی رپورٹ جاری کی گئی ہے جس میں مختلف حلقوں کے نتائج اور ووٹوں کی تعداد شامل ہے۔ امیدواروں نے اپنی کامیابی کا اعلان کیا جبکہ مخالفین نے نتائج پر اعتراضات اٹھائے۔ الیکشن کمیشن کے مطابق پولنگ کا عمل پرامن رہا اور ٹرن آؤٹ گزشتہ انتخابات کے مقابلے میں بہتر رہا۔ شہریوں کی بڑی تعداد نے اپنا حق رائے دہی استعمال کیا۔

چیمبر 27
نتائج

کراچی میں پیش آنے والے واقعات اور انتخابی نتائج سے متعلق تفصیلی رپورٹ جاری کی گئی ہے جس میں مختلف حلقوں کے نتائج اور ووٹوں کی تعداد شامل ہے۔ امیدواروں نے اپنی کامیابی کا اعلان کیا جبکہ مخالفین نے نتائج پر اعتراضات اٹھائے۔ الیکشن کمیشن کے مطابق پولنگ کا عمل پرامن رہا اور ٹرن آؤٹ گزشتہ انتخابات کے مقابلے میں بہتر رہا۔ شہریوں کی بڑی تعداد نے اپنا حق رائے دہی استعمال کیا۔

چیمبر 28
نتائج

کراچی میں پیش آنے والے واقعات اور انتخابی نتائج سے متعلق تفصیلی رپورٹ جاری کی گئی ہے جس میں مختلف حلقوں کے نتائج اور ووٹوں کی تعداد شامل ہے۔ امیدواروں نے اپنی کامیابی کا اعلان کیا جبکہ مخالفین نے نتائج پر اعتراضات اٹھائے۔ الیکشن کمیشن کے مطابق پولنگ کا عمل پرامن رہا اور ٹرن آؤٹ گزشتہ انتخابات کے مقابلے میں بہتر رہا۔ شہریوں کی بڑی تعداد نے اپنا حق رائے دہی استعمال کیا۔

کراچی میں پیش آنے والے واقعات اور انتخابی نتائج سے متعلق تفصیلی رپورٹ جاری کی گئی ہے جس میں مختلف حلقوں کے نتائج اور ووٹوں کی تعداد شامل ہے۔ امیدواروں نے اپنی کامیابی کا اعلان کیا جبکہ مخالفین نے نتائج پر اعتراضات اٹھائے۔ الیکشن کمیشن کے مطابق پولنگ کا عمل پرامن رہا اور ٹرن آؤٹ گزشتہ انتخابات کے مقابلے میں بہتر رہا۔ شہریوں کی بڑی تعداد نے اپنا حق رائے دہی استعمال کیا۔

کراچی میں پیش آنے والے واقعات اور انتخابی نتائج سے متعلق تفصیلی رپورٹ جاری کی گئی ہے جس میں مختلف حلقوں کے نتائج اور ووٹوں کی تعداد شامل ہے۔ امیدواروں نے اپنی کامیابی کا اعلان کیا جبکہ مخالفین نے نتائج پر اعتراضات اٹھائے۔ الیکشن کمیشن کے مطابق پولنگ کا عمل پرامن رہا اور ٹرن آؤٹ گزشتہ انتخابات کے مقابلے میں بہتر رہا۔ شہریوں کی بڑی تعداد نے اپنا حق رائے دہی استعمال کیا۔

کراچی میں پیش آنے والے واقعات اور انتخابی نتائج سے متعلق تفصیلی رپورٹ جاری کی گئی ہے جس میں مختلف حلقوں کے نتائج اور ووٹوں کی تعداد شامل ہے۔ امیدواروں نے اپنی کامیابی کا اعلان کیا جبکہ مخالفین نے نتائج پر اعتراضات اٹھائے۔ الیکشن کمیشن کے مطابق پولنگ کا عمل پرامن رہا اور ٹرن آؤٹ گزشتہ انتخابات کے مقابلے میں بہتر رہا۔ شہریوں کی بڑی تعداد نے اپنا حق رائے دہی استعمال کیا۔

چیمبر 29
نتائج

کراچی میں پیش آنے والے واقعات اور انتخابی نتائج سے متعلق تفصیلی رپورٹ جاری کی گئی ہے جس میں مختلف حلقوں کے نتائج اور ووٹوں کی تعداد شامل ہے۔ امیدواروں نے اپنی کامیابی کا اعلان کیا جبکہ مخالفین نے نتائج پر اعتراضات اٹھائے۔ الیکشن کمیشن کے مطابق پولنگ کا عمل پرامن رہا اور ٹرن آؤٹ گزشتہ انتخابات کے مقابلے میں بہتر رہا۔ شہریوں کی بڑی تعداد نے اپنا حق رائے دہی استعمال کیا۔

چیمبر 30
نتائج

کراچی میں پیش آنے والے واقعات اور انتخابی نتائج سے متعلق تفصیلی رپورٹ جاری کی گئی ہے جس میں مختلف حلقوں کے نتائج اور ووٹوں کی تعداد شامل ہے۔ امیدواروں نے اپنی کامیابی کا اعلان کیا جبکہ مخالفین نے نتائج پر اعتراضات اٹھائے۔ الیکشن کمیشن کے مطابق پولنگ کا عمل پرامن رہا اور ٹرن آؤٹ گزشتہ انتخابات کے مقابلے میں بہتر رہا۔ شہریوں کی بڑی تعداد نے اپنا حق رائے دہی استعمال کیا۔

کراچی میں پیش آنے والے واقعات اور انتخابی نتائج سے متعلق تفصیلی رپورٹ جاری کی گئی ہے جس میں مختلف حلقوں کے نتائج اور ووٹوں کی تعداد شامل ہے۔ امیدواروں نے اپنی کامیابی کا اعلان کیا جبکہ مخالفین نے نتائج پر اعتراضات اٹھائے۔ الیکشن کمیشن کے مطابق پولنگ کا عمل پرامن رہا اور ٹرن آؤٹ گزشتہ انتخابات کے مقابلے میں بہتر رہا۔ شہریوں کی بڑی تعداد نے اپنا حق رائے دہی استعمال کیا۔

کراچی میں پیش آنے والے واقعات اور انتخابی نتائج سے متعلق تفصیلی رپورٹ جاری کی گئی ہے جس میں مختلف حلقوں کے نتائج اور ووٹوں کی تعداد شامل ہے۔ امیدواروں نے اپنی کامیابی کا اعلان کیا جبکہ مخالفین نے نتائج پر اعتراضات اٹھائے۔ الیکشن کمیشن کے مطابق پولنگ کا عمل پرامن رہا اور ٹرن آؤٹ گزشتہ انتخابات کے مقابلے میں بہتر رہا۔ شہریوں کی بڑی تعداد نے اپنا حق رائے دہی استعمال کیا۔

چیمبر 31
نتائج

کراچی میں پیش آنے والے واقعات اور انتخابی نتائج سے متعلق تفصیلی رپورٹ جاری کی گئی ہے جس میں مختلف حلقوں کے نتائج اور ووٹوں کی تعداد شامل ہے۔ امیدواروں نے اپنی کامیابی کا اعلان کیا جبکہ مخالفین نے نتائج پر اعتراضات اٹھائے۔ الیکشن کمیشن کے مطابق پولنگ کا عمل پرامن رہا اور ٹرن آؤٹ گزشتہ انتخابات کے مقابلے میں بہتر رہا۔ شہریوں کی بڑی تعداد نے اپنا حق رائے دہی استعمال کیا۔

کراچی میں پیش آنے والے واقعات اور انتخابی نتائج سے متعلق تفصیلی رپورٹ جاری کی گئی ہے جس میں مختلف حلقوں کے نتائج اور ووٹوں کی تعداد شامل ہے۔ امیدواروں نے اپنی کامیابی کا اعلان کیا جبکہ مخالفین نے نتائج پر اعتراضات اٹھائے۔ الیکشن کمیشن کے مطابق پولنگ کا عمل پرامن رہا اور ٹرن آؤٹ گزشتہ انتخابات کے مقابلے میں بہتر رہا۔ شہریوں کی بڑی تعداد نے اپنا حق رائے دہی استعمال کیا۔

کراچی میں پیش آنے والے واقعات اور انتخابی نتائج سے متعلق تفصیلی رپورٹ جاری کی گئی ہے جس میں مختلف حلقوں کے نتائج اور ووٹوں کی تعداد شامل ہے۔ امیدواروں نے اپنی کامیابی کا اعلان کیا جبکہ مخالفین نے نتائج پر اعتراضات اٹھائے۔ الیکشن کمیشن کے مطابق پولنگ کا عمل پرامن رہا اور ٹرن آؤٹ گزشتہ انتخابات کے مقابلے میں بہتر رہا۔ شہریوں کی بڑی تعداد نے اپنا حق رائے دہی استعمال کیا۔

چیمبر 32
نتائج

کراچی میں پیش آنے والے واقعات اور انتخابی نتائج سے متعلق تفصیلی رپورٹ جاری کی گئی ہے جس میں مختلف حلقوں کے نتائج اور ووٹوں کی تعداد شامل ہے۔ امیدواروں نے اپنی کامیابی کا اعلان کیا جبکہ مخالفین نے نتائج پر اعتراضات اٹھائے۔ الیکشن کمیشن کے مطابق پولنگ کا عمل پرامن رہا اور ٹرن آؤٹ گزشتہ انتخابات کے مقابلے میں بہتر رہا۔ شہریوں کی بڑی تعداد نے اپنا حق رائے دہی استعمال کیا۔

کراچی میں پیش آنے والے واقعات اور انتخابی نتائج سے متعلق تفصیلی رپورٹ جاری کی گئی ہے جس میں مختلف حلقوں کے نتائج اور ووٹوں کی تعداد شامل ہے۔ امیدواروں نے اپنی کامیابی کا اعلان کیا جبکہ مخالفین نے نتائج پر اعتراضات اٹھائے۔ الیکشن کمیشن کے مطابق پولنگ کا عمل پرامن رہا اور ٹرن آؤٹ گزشتہ انتخابات کے مقابلے میں بہتر رہا۔ شہریوں کی بڑی تعداد نے اپنا حق رائے دہی استعمال کیا۔

کراچی میں پیش آنے والے واقعات اور انتخابی نتائج سے متعلق تفصیلی رپورٹ جاری کی گئی ہے جس میں مختلف حلقوں کے نتائج اور ووٹوں کی تعداد شامل ہے۔ امیدواروں نے اپنی کامیابی کا اعلان کیا جبکہ مخالفین نے نتائج پر اعتراضات اٹھائے۔ الیکشن کمیشن کے مطابق پولنگ کا عمل پرامن رہا اور ٹرن آؤٹ گزشتہ انتخابات کے مقابلے میں بہتر رہا۔ شہریوں کی بڑی تعداد نے اپنا حق رائے دہی استعمال کیا۔

چیمبر 33
نتائج

کراچی میں پیش آنے والے واقعات اور انتخابی نتائج سے متعلق تفصیلی رپورٹ جاری کی گئی ہے جس میں مختلف حلقوں کے نتائج اور ووٹوں کی تعداد شامل ہے۔ امیدواروں نے اپنی کامیابی کا اعلان کیا جبکہ مخالفین نے نتائج پر اعتراضات اٹھائے۔ الیکشن کمیشن کے مطابق پولنگ کا عمل پرامن رہا اور ٹرن آؤٹ گزشتہ انتخابات کے مقابلے میں بہتر رہا۔ شہریوں کی بڑی تعداد نے اپنا حق رائے دہی استعمال کیا۔

کراچی میں پیش آنے والے واقعات اور انتخابی نتائج سے متعلق تفصیلی رپورٹ جاری کی گئی ہے جس میں مختلف حلقوں کے نتائج اور ووٹوں کی تعداد شامل ہے۔ امیدواروں نے اپنی کامیابی کا اعلان کیا جبکہ مخالفین نے نتائج پر اعتراضات اٹھائے۔ الیکشن کمیشن کے مطابق پولنگ کا عمل پرامن رہا اور ٹرن آؤٹ گزشتہ انتخابات کے مقابلے میں بہتر رہا۔ شہریوں کی بڑی تعداد نے اپنا حق رائے دہی استعمال کیا۔

چیمبر 34
نتائج

کراچی میں پیش آنے والے واقعات اور انتخابی نتائج سے متعلق تفصیلی رپورٹ جاری کی گئی ہے جس میں مختلف حلقوں کے نتائج اور ووٹوں کی تعداد شامل ہے۔ امیدواروں نے اپنی کامیابی کا اعلان کیا جبکہ مخالفین نے نتائج پر اعتراضات اٹھائے۔ الیکشن کمیشن کے مطابق پولنگ کا عمل پرامن رہا اور ٹرن آؤٹ گزشتہ انتخابات کے مقابلے میں بہتر رہا۔ شہریوں کی بڑی تعداد نے اپنا حق رائے دہی استعمال کیا۔

کراچی میں پیش آنے والے واقعات اور انتخابی نتائج سے متعلق تفصیلی رپورٹ جاری کی گئی ہے جس میں مختلف حلقوں کے نتائج اور ووٹوں کی تعداد شامل ہے۔ امیدواروں نے اپنی کامیابی کا اعلان کیا جبکہ مخالفین نے نتائج پر اعتراضات اٹھائے۔ الیکشن کمیشن کے مطابق پولنگ کا عمل پرامن رہا اور ٹرن آؤٹ گزشتہ انتخابات کے مقابلے میں بہتر رہا۔ شہریوں کی بڑی تعداد نے اپنا حق رائے دہی استعمال کیا۔

کراچی میں پیش آنے والے واقعات اور انتخابی نتائج سے متعلق تفصیلی رپورٹ جاری کی گئی ہے جس میں مختلف حلقوں کے نتائج اور ووٹوں کی تعداد شامل ہے۔ امیدواروں نے اپنی کامیابی کا اعلان کیا جبکہ مخالفین نے نتائج پر اعتراضات اٹھائے۔ الیکشن کمیشن کے مطابق پولنگ کا عمل پرامن رہا اور ٹرن آؤٹ گزشتہ انتخابات کے مقابلے میں بہتر رہا۔ شہریوں کی بڑی تعداد نے اپنا حق رائے دہی استعمال کیا۔

چیمبر 35
نتائج

کراچی میں پیش آنے والے واقعات اور انتخابی نتائج سے متعلق تفصیلی رپورٹ جاری کی گئی ہے جس میں مختلف حلقوں کے نتائج اور ووٹوں کی تعداد شامل ہے۔ امیدواروں نے اپنی کامیابی کا اعلان کیا جبکہ مخالفین نے نتائج پر اعتراضات اٹھائے۔ الیکشن کمیشن کے مطابق پولنگ کا عمل پرامن رہا اور ٹرن آؤٹ گزشتہ انتخابات کے مقابلے میں بہتر رہا۔ شہریوں کی بڑی تعداد نے اپنا حق رائے دہی استعمال کیا۔

کراچی میں پیش آنے والے واقعات اور انتخابی نتائج سے متعلق تفصیلی رپورٹ جاری کی گئی ہے جس میں مختلف حلقوں کے نتائج اور ووٹوں کی تعداد شامل ہے۔ امیدواروں نے اپنی کامیابی کا اعلان کیا جبکہ مخالفین نے نتائج پر اعتراضات اٹھائے۔ الیکشن کمیشن کے مطابق پولنگ کا عمل پرامن رہا اور ٹرن آؤٹ گزشتہ انتخابات کے مقابلے میں بہتر رہا۔ شہریوں کی بڑی تعداد نے اپنا حق رائے دہی استعمال کیا۔

کراچی میں پیش آنے والے واقعات اور انتخابی نتائج سے متعلق تفصیلی رپورٹ جاری کی گئی ہے جس میں مختلف حلقوں کے نتائج اور ووٹوں کی تعداد شامل ہے۔ امیدواروں نے اپنی کامیابی کا اعلان کیا جبکہ مخالفین نے نتائج پر اعتراضات اٹھائے۔ الیکشن کمیشن کے مطابق پولنگ کا عمل پرامن رہا اور ٹرن آؤٹ گزشتہ انتخابات کے مقابلے میں بہتر رہا۔ شہریوں کی بڑی تعداد نے اپنا حق رائے دہی استعمال کیا۔

چیمبر 36
نتائج

کراچی میں پیش آنے والے واقعات اور انتخابی نتائج سے متعلق تفصیلی رپورٹ جاری کی گئی ہے جس میں مختلف حلقوں کے نتائج اور ووٹوں کی تعداد شامل ہے۔ امیدواروں نے اپنی کامیابی کا اعلان کیا جبکہ مخالفین نے نتائج پر اعتراضات اٹھائے۔ الیکشن کمیشن کے مطابق پولنگ کا عمل پرامن رہا اور ٹرن آؤٹ گزشتہ انتخابات کے مقابلے میں بہتر رہا۔ شہریوں کی بڑی تعداد نے اپنا حق رائے دہی استعمال کیا۔

چیمبر 37
نتائج

کراچی میں پیش آنے والے واقعات اور انتخابی نتائج سے متعلق تفصیلی رپورٹ جاری کی گئی ہے جس میں مختلف حلقوں کے نتائج اور ووٹوں کی تعداد شامل ہے۔ امیدواروں نے اپنی کامیابی کا اعلان کیا جبکہ مخالفین نے نتائج پر اعتراضات اٹھائے۔ الیکشن کمیشن کے مطابق پولنگ کا عمل پرامن رہا اور ٹرن آؤٹ گزشتہ انتخابات کے مقابلے میں بہتر رہا۔ شہریوں کی بڑی تعداد نے اپنا حق رائے دہی استعمال کیا۔

کراچی میں پیش آنے والے واقعات اور انتخابی نتائج سے متعلق تفصیلی رپورٹ جاری کی گئی ہے جس میں مختلف حلقوں کے نتائج اور ووٹوں کی تعداد شامل ہے۔ امیدواروں نے اپنی کامیابی کا اعلان کیا جبکہ مخالفین نے نتائج پر اعتراضات اٹھائے۔ الیکشن کمیشن کے مطابق پولنگ کا عمل پرامن رہا اور ٹرن آؤٹ گزشتہ انتخابات کے مقابلے میں بہتر رہا۔ شہریوں کی بڑی تعداد نے اپنا حق رائے دہی استعمال کیا۔

چیمبر 38
نتائج

کراچی میں پیش آنے والے واقعات اور انتخابی نتائج سے متعلق تفصیلی رپورٹ جاری کی گئی ہے جس میں مختلف حلقوں کے نتائج اور ووٹوں کی تعداد شامل ہے۔ امیدواروں نے اپنی کامیابی کا اعلان کیا جبکہ مخالفین نے نتائج پر اعتراضات اٹھائے۔ الیکشن کمیشن کے مطابق پولنگ کا عمل پرامن رہا اور ٹرن آؤٹ گزشتہ انتخابات کے مقابلے میں بہتر رہا۔ شہریوں کی بڑی تعداد نے اپنا حق رائے دہی استعمال کیا۔

کراچی میں پیش آنے والے واقعات اور انتخابی نتائج سے متعلق تفصیلی رپورٹ جاری کی گئی ہے جس میں مختلف حلقوں کے نتائج اور ووٹوں کی تعداد شامل ہے۔ امیدواروں نے اپنی کامیابی کا اعلان کیا جبکہ مخالفین نے نتائج پر اعتراضات اٹھائے۔ الیکشن کمیشن کے مطابق پولنگ کا عمل پرامن رہا اور ٹرن آؤٹ گزشتہ انتخابات کے مقابلے میں بہتر رہا۔ شہریوں کی بڑی تعداد نے اپنا حق رائے دہی استعمال کیا۔

کراچی میں پیش آنے والے واقعات اور انتخابی نتائج سے متعلق تفصیلی رپورٹ جاری کی گئی ہے جس میں مختلف حلقوں کے نتائج اور ووٹوں کی تعداد شامل ہے۔ امیدواروں نے اپنی کامیابی کا اعلان کیا جبکہ مخالفین نے نتائج پر اعتراضات اٹھائے۔ الیکشن کمیشن کے مطابق پولنگ کا عمل پرامن رہا اور ٹرن آؤٹ گزشتہ انتخابات کے مقابلے میں بہتر رہا۔ شہریوں کی بڑی تعداد نے اپنا حق رائے دہی استعمال کیا۔

کراچی میں پیش آنے والے واقعات اور انتخابی نتائج سے متعلق تفصیلی رپورٹ جاری کی گئی ہے جس میں مختلف حلقوں کے نتائج اور ووٹوں کی تعداد شامل ہے۔ امیدواروں نے اپنی کامیابی کا اعلان کیا جبکہ مخالفین نے نتائج پر اعتراضات اٹھائے۔ الیکشن کمیشن کے مطابق پولنگ کا عمل پرامن رہا اور ٹرن آؤٹ گزشتہ انتخابات کے مقابلے میں بہتر رہا۔ شہریوں کی بڑی تعداد نے اپنا حق رائے دہی استعمال کیا۔

کراچی میں پیش آنے والے واقعات اور انتخابی نتائج سے متعلق تفصیلی رپورٹ جاری کی گئی ہے جس میں مختلف حلقوں کے نتائج اور ووٹوں کی تعداد شامل ہے۔ امیدواروں نے اپنی کامیابی کا اعلان کیا جبکہ مخالفین نے نتائج پر اعتراضات اٹھائے۔ الیکشن کمیشن کے مطابق پولنگ کا عمل پرامن رہا اور ٹرن آؤٹ گزشتہ انتخابات کے مقابلے میں بہتر رہا۔ شہریوں کی بڑی تعداد نے اپنا حق رائے دہی استعمال کیا۔

کراچی میں پیش آنے والے واقعات اور انتخابی نتائج سے متعلق تفصیلی رپورٹ جاری کی گئی ہے جس میں مختلف حلقوں کے نتائج اور ووٹوں کی تعداد شامل ہے۔ امیدواروں نے اپنی کامیابی کا اعلان کیا جبکہ مخالفین نے نتائج پر اعتراضات اٹھائے۔ الیکشن کمیشن کے مطابق پولنگ کا عمل پرامن رہا اور ٹرن آؤٹ گزشتہ انتخابات کے مقابلے میں بہتر رہا۔ شہریوں کی بڑی تعداد نے اپنا حق رائے دہی استعمال کیا۔

کراچی میں پیش آنے والے واقعات اور انتخابی نتائج سے متعلق تفصیلی رپورٹ جاری کی گئی ہے جس میں مختلف حلقوں کے نتائج اور ووٹوں کی تعداد شامل ہے۔ امیدواروں نے اپنی کامیابی کا اعلان کیا جبکہ مخالفین نے نتائج پر اعتراضات اٹھائے۔ الیکشن کمیشن کے مطابق پولنگ کا عمل پرامن رہا اور ٹرن آؤٹ گزشتہ انتخابات کے مقابلے میں بہتر رہا۔ شہریوں کی بڑی تعداد نے اپنا حق رائے دہی استعمال کیا۔

کراچی میں پیش آنے والے واقعات اور انتخابی نتائج سے متعلق تفصیلی رپورٹ جاری کی گئی ہے جس میں مختلف حلقوں کے نتائج اور ووٹوں کی تعداد شامل ہے۔ امیدواروں نے اپنی کامیابی کا اعلان کیا جبکہ مخالفین نے نتائج پر اعتراضات اٹھائے۔ الیکشن کمیشن کے مطابق پولنگ کا عمل پرامن رہا اور ٹرن آؤٹ گزشتہ انتخابات کے مقابلے میں بہتر رہا۔ شہریوں کی بڑی تعداد نے اپنا حق رائے دہی استعمال کیا۔

کراچی میں پیش آنے والے واقعات اور انتخابی نتائج سے متعلق تفصیلی رپورٹ جاری کی گئی ہے جس میں مختلف حلقوں کے نتائج اور ووٹوں کی تعداد شامل ہے۔ امیدواروں نے اپنی کامیابی کا اعلان کیا جبکہ مخالفین نے نتائج پر اعتراضات اٹھائے۔ الیکشن کمیشن کے مطابق پولنگ کا عمل پرامن رہا اور ٹرن آؤٹ گزشتہ انتخابات کے مقابلے میں بہتر رہا۔ شہریوں کی بڑی تعداد نے اپنا حق رائے دہی استعمال کیا۔

کراچی میں پیش آنے والے واقعات اور انتخابی نتائج سے متعلق تفصیلی رپورٹ جاری کی گئی ہے جس میں مختلف حلقوں کے نتائج اور ووٹوں کی تعداد شامل ہے۔ امیدواروں نے اپنی کامیابی کا اعلان کیا جبکہ مخالفین نے نتائج پر اعتراضات اٹھائے۔ الیکشن کمیشن کے مطابق پولنگ کا عمل پرامن رہا اور ٹرن آؤٹ گزشتہ انتخابات کے مقابلے میں بہتر رہا۔ شہریوں کی بڑی تعداد نے اپنا حق رائے دہی استعمال کیا۔

چیمبر 39
نتائج

کراچی میں پیش آنے والے واقعات اور انتخابی نتائج سے متعلق تفصیلی رپورٹ جاری کی گئی ہے جس میں مختلف حلقوں کے نتائج اور ووٹوں کی تعداد شامل ہے۔ امیدواروں نے اپنی کامیابی کا اعلان کیا جبکہ مخالفین نے نتائج پر اعتراضات اٹھائے۔ الیکشن کمیشن کے مطابق پولنگ کا عمل پرامن رہا اور ٹرن آؤٹ گزشتہ انتخابات کے مقابلے میں بہتر رہا۔ شہریوں کی بڑی تعداد نے اپنا حق رائے دہی استعمال کیا۔

کراچی میں پیش آنے والے واقعات اور انتخابی نتائج سے متعلق تفصیلی رپورٹ جاری کی گئی ہے جس میں مختلف حلقوں کے نتائج اور ووٹوں کی تعداد شامل ہے۔ امیدواروں نے اپنی کامیابی کا اعلان کیا جبکہ مخالفین نے نتائج پر اعتراضات اٹھائے۔ الیکشن کمیشن کے مطابق پولنگ کا عمل پرامن رہا اور ٹرن آؤٹ گزشتہ انتخابات کے مقابلے میں بہتر رہا۔ شہریوں کی بڑی تعداد نے اپنا حق رائے دہی استعمال کیا۔

کراچی میں پیش آنے والے واقعات اور انتخابی نتائج سے متعلق تفصیلی رپورٹ جاری کی گئی ہے جس میں مختلف حلقوں کے نتائج اور ووٹوں کی تعداد شامل ہے۔ امیدواروں نے اپنی کامیابی کا اعلان کیا جبکہ مخالفین نے نتائج پر اعتراضات اٹھائے۔ الیکشن کمیشن کے مطابق پولنگ کا عمل پرامن رہا اور ٹرن آؤٹ گزشتہ انتخابات کے مقابلے میں بہتر رہا۔ شہریوں کی بڑی تعداد نے اپنا حق رائے دہی استعمال کیا۔

کراچی میں پیش آنے والے واقعات اور انتخابی نتائج سے متعلق تفصیلی رپورٹ جاری کی گئی ہے جس میں مختلف حلقوں کے نتائج اور ووٹوں کی تعداد شامل ہے۔ امیدواروں نے اپنی کامیابی کا اعلان کیا جبکہ مخالفین نے نتائج پر اعتراضات اٹھائے۔ الیکشن کمیشن کے مطابق پولنگ کا عمل پرامن رہا اور ٹرن آؤٹ گزشتہ انتخابات کے مقابلے میں بہتر رہا۔ شہریوں کی بڑی تعداد نے اپنا حق رائے دہی استعمال کیا۔

کراچی میں پیش آنے والے واقعات اور انتخابی نتائج سے متعلق تفصیلی رپورٹ جاری کی گئی ہے جس میں مختلف حلقوں کے نتائج اور ووٹوں کی تعداد شامل ہے۔ امیدواروں نے اپنی کامیابی کا اعلان کیا جبکہ مخالفین نے نتائج پر اعتراضات اٹھائے۔ الیکشن کمیشن کے مطابق پولنگ کا عمل پرامن رہا اور ٹرن آؤٹ گزشتہ انتخابات کے مقابلے میں بہتر رہا۔ شہریوں کی بڑی تعداد نے اپنا حق رائے دہی استعمال کیا۔

کراچی میں پیش آنے والے واقعات اور انتخابی نتائج سے متعلق تفصیلی رپورٹ جاری کی گئی ہے جس میں مختلف حلقوں کے نتائج اور ووٹوں کی تعداد شامل ہے۔ امیدواروں نے اپنی کامیابی کا اعلان کیا جبکہ مخالفین نے نتائج پر اعتراضات اٹھائے۔ الیکشن کمیشن کے مطابق پولنگ کا عمل پرامن رہا اور ٹرن آؤٹ گزشتہ انتخابات کے مقابلے میں بہتر رہا۔ شہریوں کی بڑی تعداد نے اپنا حق رائے دہی استعمال کیا۔

کراچی میں پیش آنے والے واقعات اور انتخابی نتائج سے متعلق تفصیلی رپورٹ جاری کی گئی ہے جس میں مختلف حلقوں کے نتائج اور ووٹوں کی تعداد شامل ہے۔ امیدواروں نے اپنی کامیابی کا اعلان کیا جبکہ مخالفین نے نتائج پر اعتراضات اٹھائے۔ الیکشن کمیشن کے مطابق پولنگ کا عمل پرامن رہا اور ٹرن آؤٹ گزشتہ انتخابات کے مقابلے میں بہتر رہا۔ شہریوں کی بڑی تعداد نے اپنا حق رائے دہی استعمال کیا۔

چیمبر 40
نتائج

کراچی میں پیش آنے والے واقعات اور انتخابی نتائج سے متعلق تفصیلی رپورٹ جاری کی گئی ہے جس میں مختلف حلقوں کے نتائج اور ووٹوں کی تعداد شامل ہے۔ امیدواروں نے اپنی کامیابی کا اعلان کیا جبکہ مخالفین نے نتائج پر اعتراضات اٹھائے۔ الیکشن کمیشن کے مطابق پولنگ کا عمل پرامن رہا اور ٹرن آؤٹ گزشتہ انتخابات کے مقابلے میں بہتر رہا۔ شہریوں کی بڑی تعداد نے اپنا حق رائے دہی استعمال کیا۔

کراچی میں پیش آنے والے واقعات اور انتخابی نتائج سے متعلق تفصیلی رپورٹ جاری کی گئی ہے جس میں مختلف حلقوں کے نتائج اور ووٹوں کی تعداد شامل ہے۔ امیدواروں نے اپنی کامیابی کا اعلان کیا جبکہ مخالفین نے نتائج پر اعتراضات اٹھائے۔ الیکشن کمیشن کے مطابق پولنگ کا عمل پرامن رہا اور ٹرن آؤٹ گزشتہ انتخابات کے مقابلے میں بہتر رہا۔ شہریوں کی بڑی تعداد نے اپنا حق رائے دہی استعمال کیا۔

زیریں سندھ کے اضلاع میں ماحولیاتی نظام شدید خطرات سے دوچار
دریاؤں اور جنگلات کی کٹائی کے باعث نایاب پرندوں کی نسلیں معدوم ہونے کا خدشہ

کراچی میں پیش آنے والے واقعات اور انتخابی نتائج سے متعلق تفصیلی رپورٹ جاری کی گئی ہے جس میں مختلف حلقوں کے نتائج اور ووٹوں کی تعداد شامل ہے۔ امیدواروں نے اپنی کامیابی کا اعلان کیا جبکہ مخالفین نے نتائج پر اعتراضات اٹھائے۔ الیکشن کمیشن کے مطابق پولنگ کا عمل پرامن رہا اور ٹرن آؤٹ گزشتہ انتخابات کے مقابلے میں بہتر رہا۔ شہریوں کی بڑی تعداد نے اپنا حق رائے دہی استعمال کیا۔

سجاول کے تاجروں کی جانب سے پولیس افسران کیلئے افطار پارٹی کا انعقاد
عوام اور تاجروں کی جان و مال کا تحفظ اولین ترجیح ہے، ایس ایس پی کا خطاب

کراچی میں پیش آنے والے واقعات اور انتخابی نتائج سے متعلق تفصیلی رپورٹ جاری کی گئی ہے جس میں مختلف حلقوں کے نتائج اور ووٹوں کی تعداد شامل ہے۔ امیدواروں نے اپنی کامیابی کا اعلان کیا جبکہ مخالفین نے نتائج پر اعتراضات اٹھائے۔ الیکشن کمیشن کے مطابق پولنگ کا عمل پرامن رہا اور ٹرن آؤٹ گزشتہ انتخابات کے مقابلے میں بہتر رہا۔ شہریوں کی بڑی تعداد نے اپنا حق رائے دہی استعمال کیا۔

بااثر شخصیت کے کہنے پر پولیس نے 6 گھنٹے تک حبس بے جا میں رکھا
میری گرفتاری کیلئے جھوٹے مقدمے بنائے جا رہے ہیں، کوٹری کی پریس کانفرنس

کراچی میں پیش آنے والے واقعات اور انتخابی نتائج سے متعلق تفصیلی رپورٹ جاری کی گئی ہے جس میں مختلف حلقوں کے نتائج اور ووٹوں کی تعداد شامل ہے۔ امیدواروں نے اپنی کامیابی کا اعلان کیا جبکہ مخالفین نے نتائج پر اعتراضات اٹھائے۔ الیکشن کمیشن کے مطابق پولنگ کا عمل پرامن رہا اور ٹرن آؤٹ گزشتہ انتخابات کے مقابلے میں بہتر رہا۔ شہریوں کی بڑی تعداد نے اپنا حق رائے دہی استعمال کیا۔

محراب پور کے قریب آتشزدگی کے دو واقعات، قیمتی سامان خاکستر
فائر بریگیڈ کی عدم موجودگی سے آگ پر قابو پانے میں مشکلات

کراچی میں پیش آنے والے واقعات اور انتخابی نتائج سے متعلق تفصیلی رپورٹ جاری کی گئی ہے جس میں مختلف حلقوں کے نتائج اور ووٹوں کی تعداد شامل ہے۔ امیدواروں نے اپنی کامیابی کا اعلان کیا جبکہ مخالفین نے نتائج پر اعتراضات اٹھائے۔ الیکشن کمیشن کے مطابق پولنگ کا عمل پرامن رہا اور ٹرن آؤٹ گزشتہ انتخابات کے مقابلے میں بہتر رہا۔ شہریوں کی بڑی تعداد نے اپنا حق رائے دہی استعمال کیا۔

کراچی میں پیش آنے والے واقعات اور انتخابی نتائج سے متعلق تفصیلی رپورٹ جاری کی گئی ہے جس میں مختلف حلقوں کے نتائج اور ووٹوں کی تعداد شامل ہے۔ امیدواروں نے اپنی کامیابی کا اعلان کیا جبکہ مخالفین نے نتائج پر اعتراضات اٹھائے۔ الیکشن کمیشن کے مطابق پولنگ کا عمل پرامن رہا اور ٹرن آؤٹ گزشتہ انتخابات کے مقابلے میں بہتر رہا۔ شہریوں کی بڑی تعداد نے اپنا حق رائے دہی استعمال کیا۔

کراچی میں پیش آنے والے واقعات اور انتخابی نتائج سے متعلق تفصیلی رپورٹ جاری کی گئی ہے جس میں مختلف حلقوں کے نتائج اور ووٹوں کی تعداد شامل ہے۔ امیدواروں نے اپنی کامیابی کا اعلان کیا جبکہ مخالفین نے نتائج پر اعتراضات اٹھائے۔ الیکشن کمیشن کے مطابق پولنگ کا عمل پرامن رہا اور ٹرن آؤٹ گزشتہ انتخابات کے مقابلے میں بہتر رہا۔ شہریوں کی بڑی تعداد نے اپنا حق رائے دہی استعمال کیا۔

چیمبر 41
نتائج

کراچی میں پیش آنے والے واقعات اور انتخابی نتائج سے متعلق تفصیلی رپورٹ جاری کی گئی ہے جس میں مختلف حلقوں کے نتائج اور ووٹوں کی تعداد شامل ہے۔ امیدواروں نے اپنی کامیابی کا اعلان کیا جبکہ مخالفین نے نتائج پر اعتراضات اٹھائے۔ الیکشن کمیشن کے مطابق پولنگ کا عمل پرامن رہا اور ٹرن آؤٹ گزشتہ انتخابات کے مقابلے میں بہتر رہا۔ شہریوں کی بڑی تعداد نے اپنا حق رائے دہی استعمال کیا۔

کراچی میں پیش آنے والے واقعات اور انتخابی نتائج سے متعلق تفصیلی رپورٹ جاری کی گئی ہے جس میں مختلف حلقوں کے نتائج اور ووٹوں کی تعداد شامل ہے۔ امیدواروں نے اپنی کامیابی کا اعلان کیا جبکہ مخالفین نے نتائج پر اعتراضات اٹھائے۔ الیکشن کمیشن کے مطابق پولنگ کا عمل پرامن رہا اور ٹرن آؤٹ گزشتہ انتخابات کے مقابلے میں بہتر رہا۔ شہریوں کی بڑی تعداد نے اپنا حق رائے دہی استعمال کیا۔

کراچی میں پیش آنے والے واقعات اور انتخابی نتائج سے متعلق تفصیلی رپورٹ جاری کی گئی ہے جس میں مختلف حلقوں کے نتائج اور ووٹوں کی تعداد شامل ہے۔ امیدواروں نے اپنی کامیابی کا اعلان کیا جبکہ مخالفین نے نتائج پر اعتراضات اٹھائے۔ الیکشن کمیشن کے مطابق پولنگ کا عمل پرامن رہا اور ٹرن آؤٹ گزشتہ انتخابات کے مقابلے میں بہتر رہا۔ شہریوں کی بڑی تعداد نے اپنا حق رائے دہی استعمال کیا۔

چیمبر 42
نتائج

کراچی میں پیش آنے والے واقعات اور انتخابی نتائج سے متعلق تفصیلی رپورٹ جاری کی گئی ہے جس میں مختلف حلقوں کے نتائج اور ووٹوں کی تعداد شامل ہے۔ امیدواروں نے اپنی کامیابی کا اعلان کیا جبکہ مخالفین نے نتائج پر اعتراضات اٹھائے۔ الیکشن کمیشن کے مطابق پولنگ کا عمل پرامن رہا اور ٹرن آؤٹ گزشتہ انتخابات کے مقابلے میں بہتر رہا۔ شہریوں کی بڑی تعداد نے اپنا حق رائے دہی استعمال کیا۔

کراچی میں پیش آنے والے واقعات اور انتخابی نتائج سے متعلق تفصیلی رپورٹ جاری کی گئی ہے جس میں مختلف حلقوں کے نتائج اور ووٹوں کی تعداد شامل ہے۔ امیدواروں نے اپنی کامیابی کا اعلان کیا جبکہ مخالفین نے نتائج پر اعتراضات اٹھائے۔ الیکشن کمیشن کے مطابق پولنگ کا عمل پرامن رہا اور ٹرن آؤٹ گزشتہ انتخابات کے مقابلے میں بہتر رہا۔ شہریوں کی بڑی تعداد نے اپنا حق رائے دہی استعمال کیا۔

کراچی میں پیش آنے والے واقعات اور انتخابی نتائج سے متعلق تفصیلی رپورٹ جاری کی گئی ہے جس میں مختلف حلقوں کے نتائج اور ووٹوں کی تعداد شامل ہے۔ امیدواروں نے اپنی کامیابی کا اعلان کیا جبکہ مخالفین نے نتائج پر اعتراضات اٹھائے۔ الیکشن کمیشن کے مطابق پولنگ کا عمل پرامن رہا اور ٹرن آؤٹ گزشتہ انتخابات کے مقابلے میں بہتر رہا۔ شہریوں کی بڑی تعداد نے اپنا حق رائے دہی استعمال کیا۔

کراچی میں پیش آنے والے واقعات اور انتخابی نتائج سے متعلق تفصیلی رپورٹ جاری کی گئی ہے جس میں مختلف حلقوں کے نتائج اور ووٹوں کی تعداد شامل ہے۔ امیدواروں نے اپنی کامیابی کا اعلان کیا جبکہ مخالفین نے نتائج پر اعتراضات اٹھائے۔ الیکشن کمیشن کے مطابق پولنگ کا عمل پرامن رہا اور ٹرن آؤٹ گزشتہ انتخابات کے مقابلے میں بہتر رہا۔ شہریوں کی بڑی تعداد نے اپنا حق رائے دہی استعمال کیا۔

کراچی میں پیش آنے والے واقعات اور انتخابی نتائج سے متعلق تفصیلی رپورٹ جاری کی گئی ہے جس میں مختلف حلقوں کے نتائج اور ووٹوں کی تعداد شامل ہے۔ امیدواروں نے اپنی کامیابی کا اعلان کیا جبکہ مخالفین نے نتائج پر اعتراضات اٹھائے۔ الیکشن کمیشن کے مطابق پولنگ کا عمل پرامن رہا اور ٹرن آؤٹ گزشتہ انتخابات کے مقابلے میں بہتر رہا۔ شہریوں کی بڑی تعداد نے اپنا حق رائے دہی استعمال کیا۔

کراچی میں پیش آنے والے واقعات اور انتخابی نتائج سے متعلق تفصیلی رپورٹ جاری کی گئی ہے جس میں مختلف حلقوں کے نتائج اور ووٹوں کی تعداد شامل ہے۔ امیدواروں نے اپنی کامیابی کا اعلان کیا جبکہ مخالفین نے نتائج پر اعتراضات اٹھائے۔ الیکشن کمیشن کے مطابق پولنگ کا عمل پرامن رہا اور ٹرن آؤٹ گزشتہ انتخابات کے مقابلے میں بہتر رہا۔ شہریوں کی بڑی تعداد نے اپنا حق رائے دہی استعمال کیا۔
